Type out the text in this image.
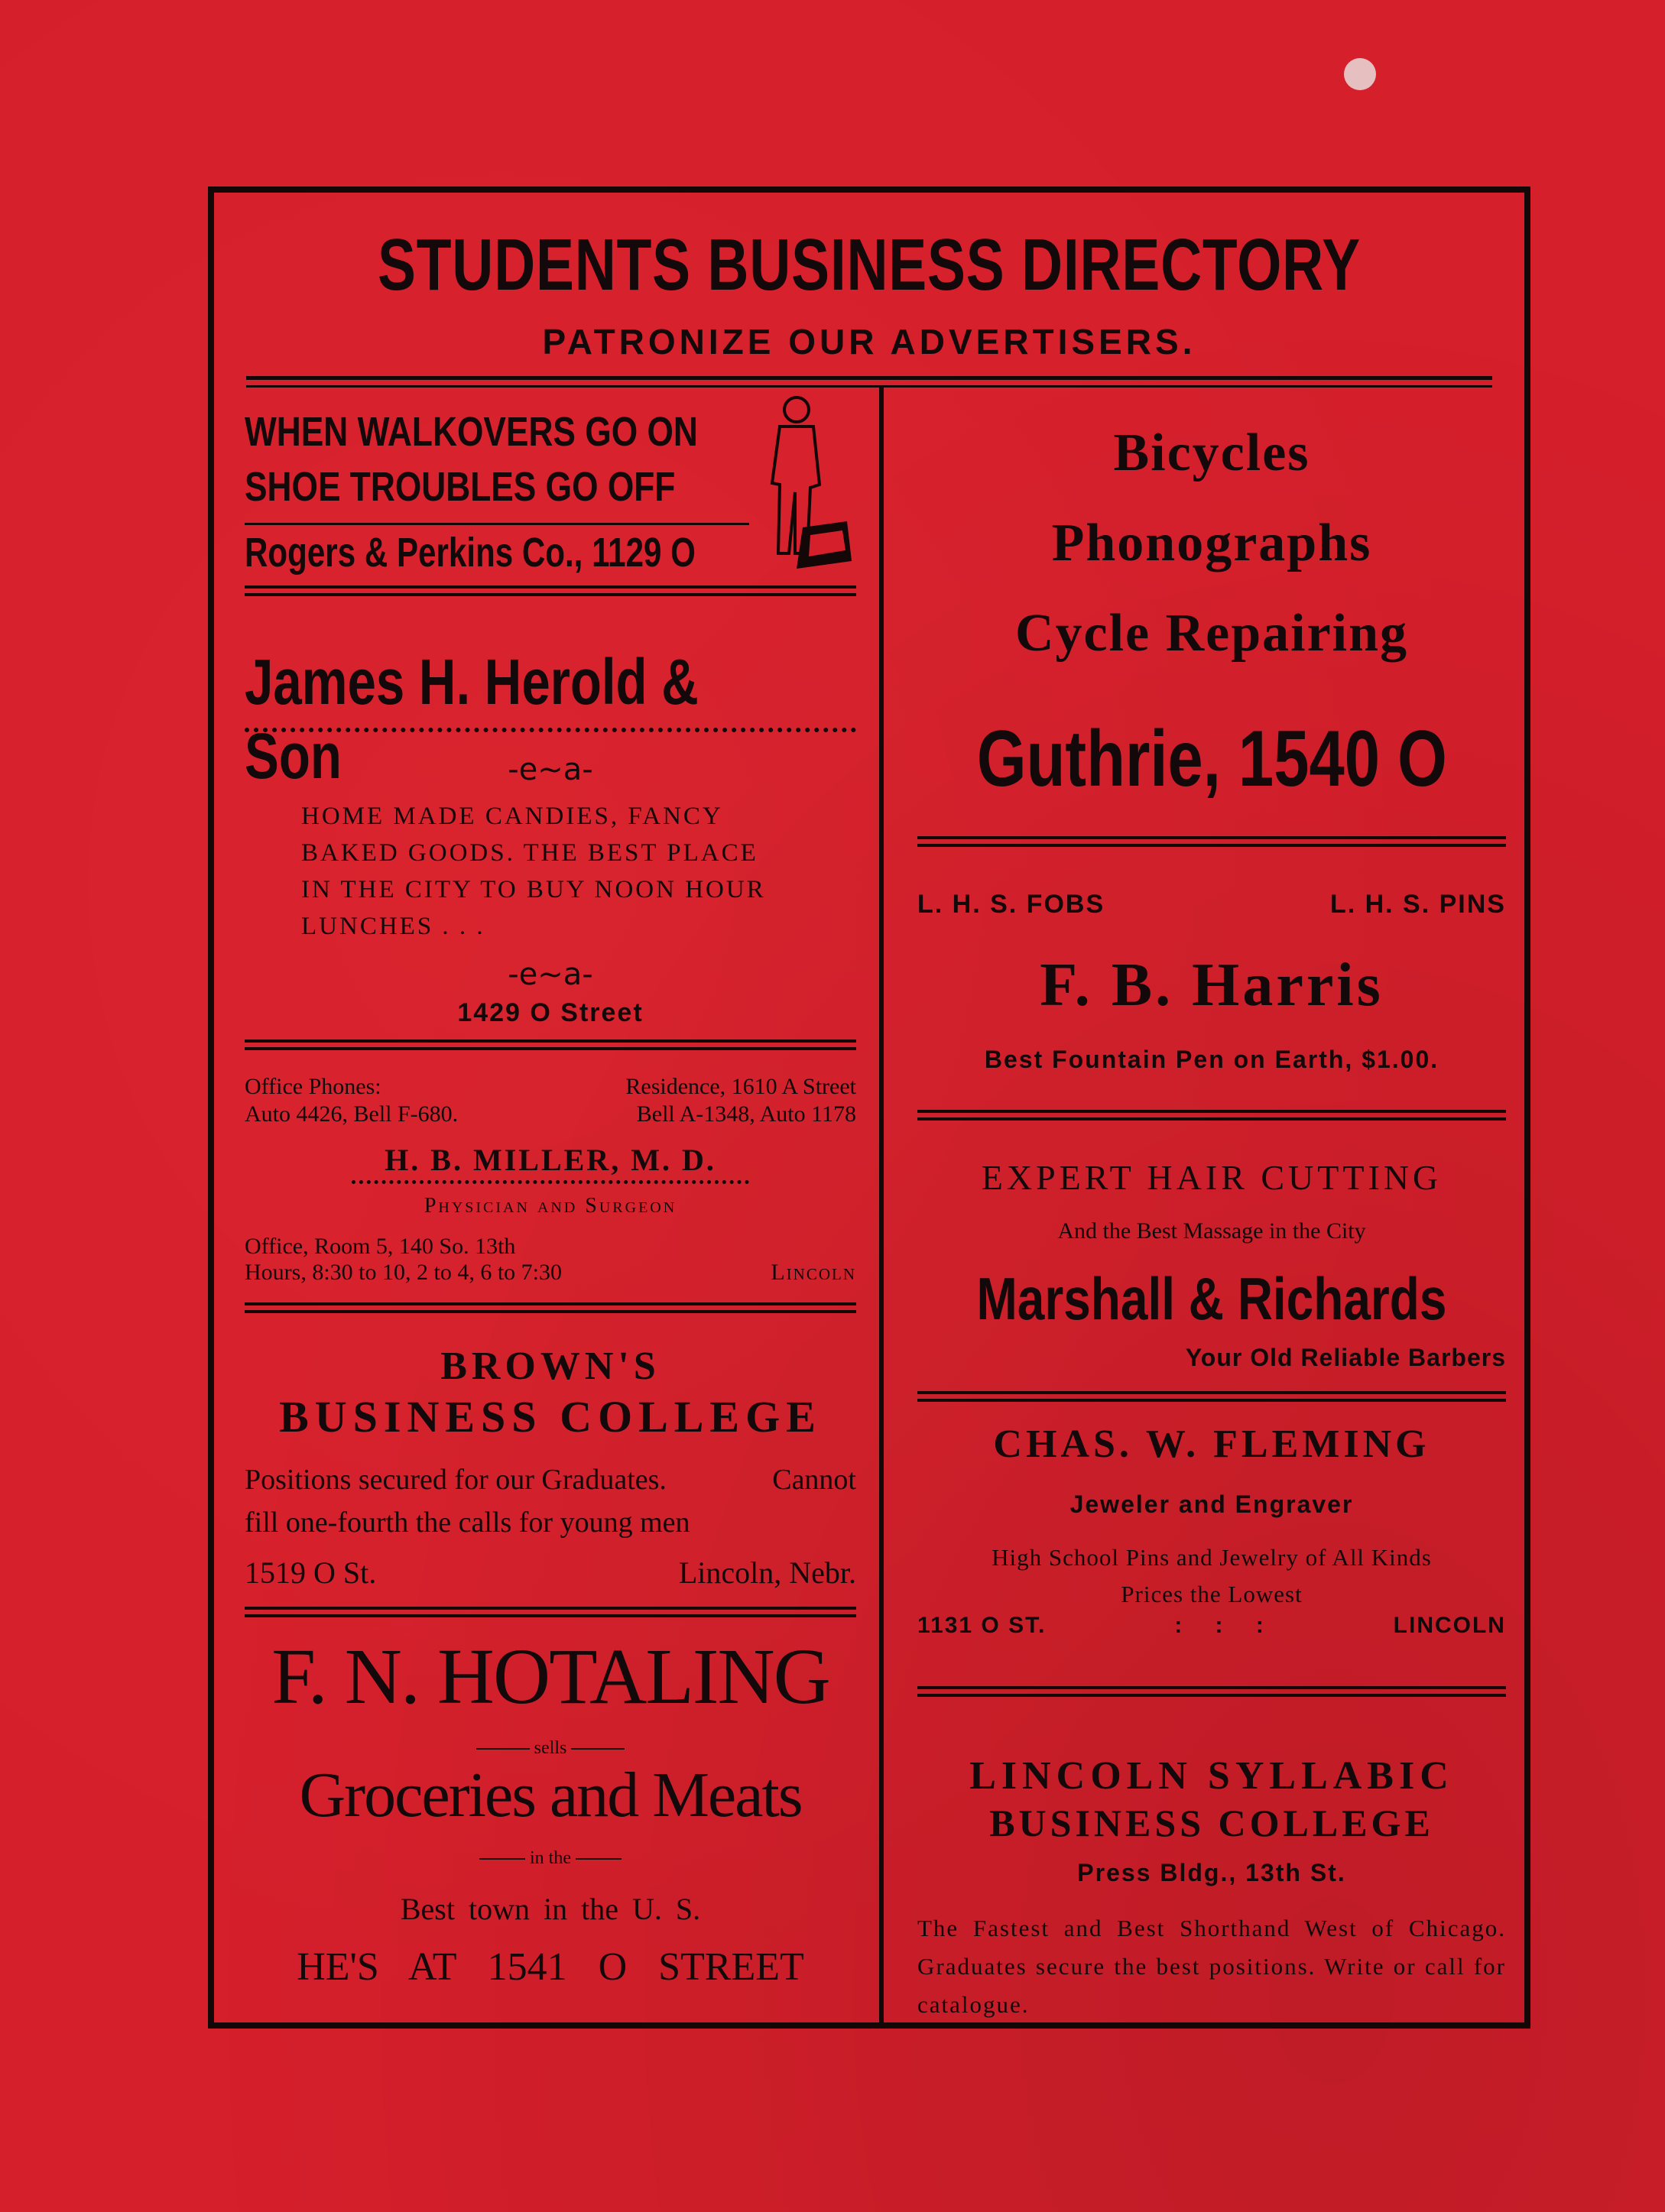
STUDENTS BUSINESS DIRECTORY
PATRONIZE OUR ADVERTISERS.
WHEN WALKOVERS GO ON
SHOE TROUBLES GO OFF
Rogers & Perkins Co., 1129 O
James H. Herold & Son	-e~a-
HOME MADE CANDIES, FANCY BAKED GOODS. THE BEST PLACE IN THE CITY TO BUY NOON HOUR LUNCHES . . .
-e~a-
1429 O Street
Office Phones:	Residence, 1610 A Street
Auto 4426, Bell F-680.	Bell A-1348, Auto 1178
H. B. MILLER, M. D.
Physician and Surgeon
Office, Room 5, 140 So. 13th
Hours, 8:30 to 10, 2 to 4, 6 to 7:30	Lincoln
BROWN'S
BUSINESS COLLEGE
Positions secured for our Graduates.	Cannot
fill one-fourth the calls for young men
1519 O St.	Lincoln, Nebr.
F. N. HOTALING
sells
Groceries and Meats
in the
Best town in the U. S.
HE'S AT 1541 O STREET
Bicycles
Phonographs
Cycle Repairing
Guthrie, 1540 O
L. H. S. FOBS	L. H. S. PINS
F. B. Harris
Best Fountain Pen on Earth, $1.00.
EXPERT HAIR CUTTING
And the Best Massage in the City
Marshall & Richards
Your Old Reliable Barbers
CHAS. W. FLEMING
Jeweler and Engraver
High School Pins and Jewelry of All Kinds
Prices the Lowest
1131 O ST.	:    :    :	LINCOLN
LINCOLN SYLLABIC
BUSINESS COLLEGE
Press Bldg., 13th St.
The Fastest and Best Shorthand West of Chicago. Graduates secure the best positions. Write or call for catalogue.
